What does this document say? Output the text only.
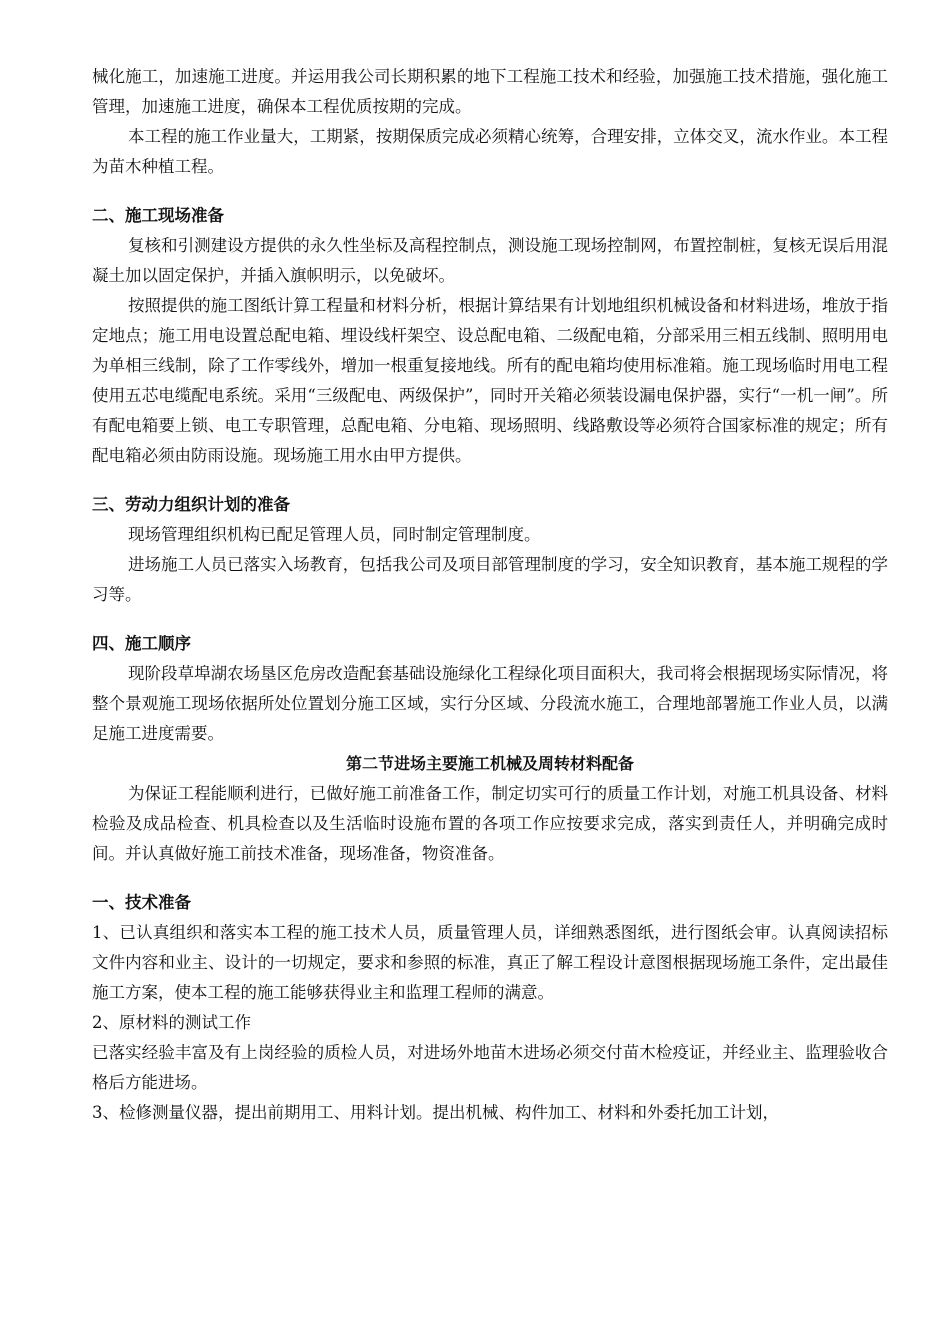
械化施工，加速施工进度。并运用我公司长期积累的地下工程施工技术和经验，加强施工技术措施，强化施工管理，加速施工进度，确保本工程优质按期的完成。

本工程的施工作业量大，工期紧，按期保质完成必须精心统筹，合理安排，立体交叉，流水作业。本工程为苗木种植工程。

二、施工现场准备

复核和引测建设方提供的永久性坐标及高程控制点，测设施工现场控制网，布置控制桩，复核无误后用混凝土加以固定保护，并插入旗帜明示，以免破坏。

按照提供的施工图纸计算工程量和材料分析，根据计算结果有计划地组织机械设备和材料进场，堆放于指定地点；施工用电设置总配电箱、埋设线杆架空、设总配电箱、二级配电箱，分部采用三相五线制、照明用电为单相三线制，除了工作零线外，增加一根重复接地线。所有的配电箱均使用标准箱。施工现场临时用电工程使用五芯电缆配电系统。采用“三级配电、两级保护”，同时开关箱必须装设漏电保护器，实行“一机一闸”。所有配电箱要上锁、电工专职管理，总配电箱、分电箱、现场照明、线路敷设等必须符合国家标准的规定；所有配电箱必须由防雨设施。现场施工用水由甲方提供。

三、劳动力组织计划的准备

现场管理组织机构已配足管理人员，同时制定管理制度。

进场施工人员已落实入场教育，包括我公司及项目部管理制度的学习，安全知识教育，基本施工规程的学习等。

四、施工顺序

现阶段草埠湖农场垦区危房改造配套基础设施绿化工程绿化项目面积大，我司将会根据现场实际情况，将整个景观施工现场依据所处位置划分施工区域，实行分区域、分段流水施工，合理地部署施工作业人员，以满足施工进度需要。

第二节进场主要施工机械及周转材料配备

为保证工程能顺利进行，已做好施工前准备工作，制定切实可行的质量工作计划，对施工机具设备、材料检验及成品检查、机具检查以及生活临时设施布置的各项工作应按要求完成，落实到责任人，并明确完成时间。并认真做好施工前技术准备，现场准备，物资准备。

一、技术准备

1、已认真组织和落实本工程的施工技术人员，质量管理人员，详细熟悉图纸，进行图纸会审。认真阅读招标文件内容和业主、设计的一切规定，要求和参照的标准，真正了解工程设计意图根据现场施工条件，定出最佳施工方案，使本工程的施工能够获得业主和监理工程师的满意。

2、原材料的测试工作

已落实经验丰富及有上岗经验的质检人员，对进场外地苗木进场必须交付苗木检疫证，并经业主、监理验收合格后方能进场。

3、检修测量仪器，提出前期用工、用料计划。提出机械、构件加工、材料和外委托加工计划，
